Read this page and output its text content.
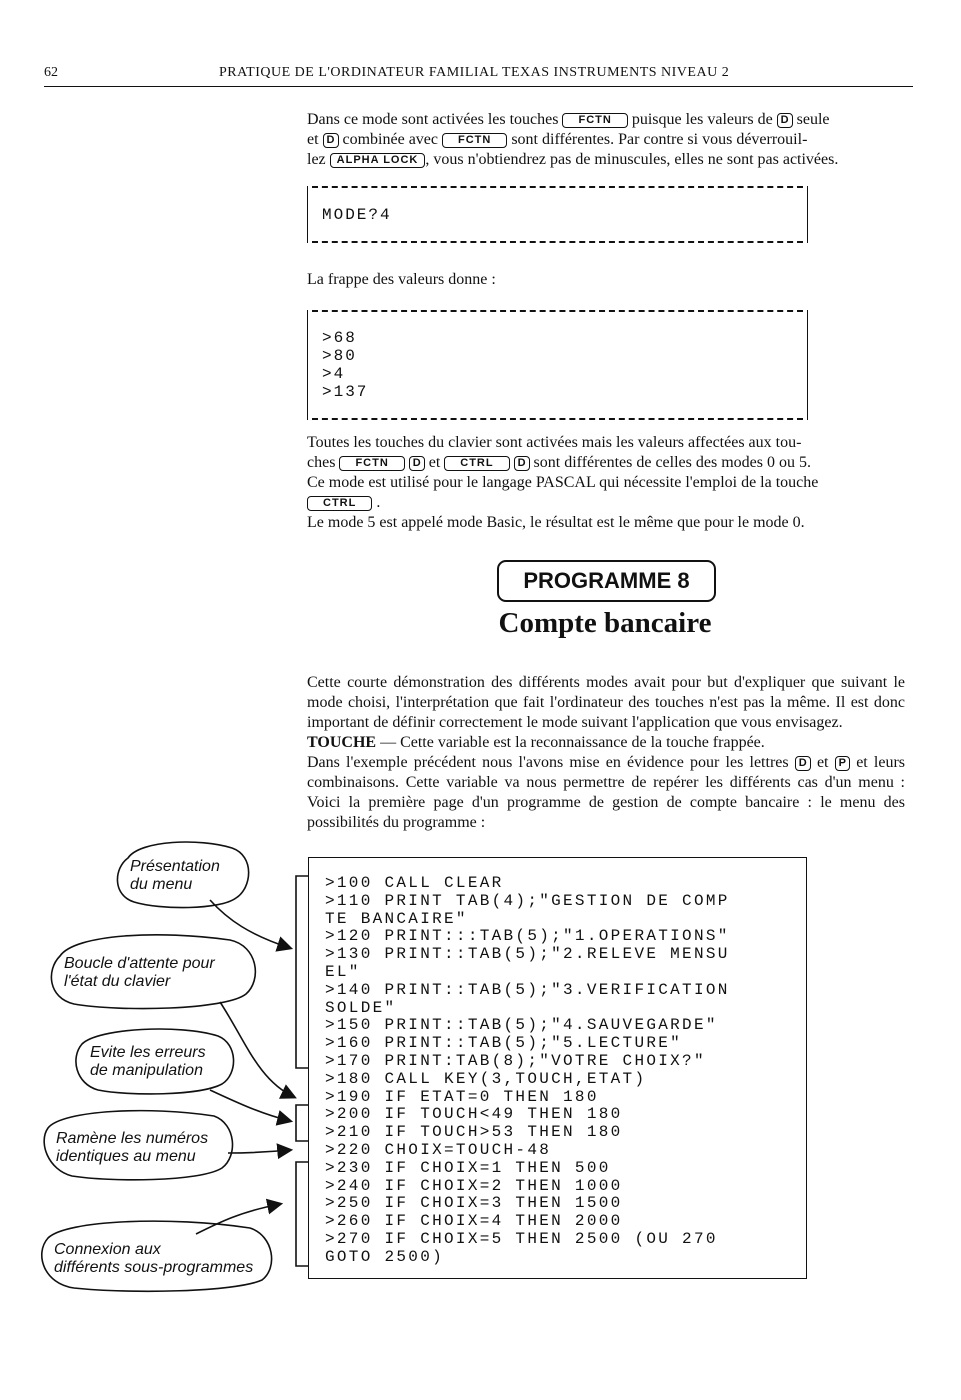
62	PRATIQUE DE L'ORDINATEUR FAMILIAL TEXAS INSTRUMENTS NIVEAU 2

Dans ce mode sont activées les touches FCTN puisque les valeurs de D seule
et D combinée avec FCTN sont différentes. Par contre si vous déverrouil-
lez ALPHA LOCK , vous n'obtiendrez pas de minuscules, elles ne sont pas activées.

MODE?4

La frappe des valeurs donne :

>68
>80
>4
>137

Toutes les touches du clavier sont activées mais les valeurs affectées aux tou-
ches FCTN D et CTRL D sont différentes de celles des modes 0 ou 5.
Ce mode est utilisé pour le langage PASCAL qui nécessite l'emploi de la touche
CTRL .
Le mode 5 est appelé mode Basic, le résultat est le même que pour le mode 0.

PROGRAMME 8
Compte bancaire

Cette courte démonstration des différents modes avait pour but d'expliquer que suivant le mode choisi, l'interprétation que fait l'ordinateur des touches n'est pas la même. Il est donc important de définir correctement le mode suivant l'application que vous envisagez.
TOUCHE — Cette variable est la reconnaissance de la touche frappée.
Dans l'exemple précédent nous l'avons mise en évidence pour les lettres D et P et leurs combinaisons. Cette variable va nous permettre de repérer les différents cas d'un menu : Voici la première page d'un programme de gestion de compte bancaire : le menu des possibilités du programme :

>100 CALL CLEAR
>110 PRINT TAB(4);"GESTION DE COMP
TE BANCAIRE"
>120 PRINT:::TAB(5);"1.OPERATIONS"
>130 PRINT::TAB(5);"2.RELEVE MENSU
EL"
>140 PRINT::TAB(5);"3.VERIFICATION
SOLDE"
>150 PRINT::TAB(5);"4.SAUVEGARDE"
>160 PRINT::TAB(5);"5.LECTURE"
>170 PRINT:TAB(8);"VOTRE CHOIX?"
>180 CALL KEY(3,TOUCH,ETAT)
>190 IF ETAT=0 THEN 180
>200 IF TOUCH<49 THEN 180
>210 IF TOUCH>53 THEN 180
>220 CHOIX=TOUCH-48
>230 IF CHOIX=1 THEN 500
>240 IF CHOIX=2 THEN 1000
>250 IF CHOIX=3 THEN 1500
>260 IF CHOIX=4 THEN 2000
>270 IF CHOIX=5 THEN 2500 (OU 270
GOTO 2500)
Présentation
du menu
Boucle d'attente pour
l'état du clavier
Evite les erreurs
de manipulation
Ramène les numéros
identiques au menu
Connexion aux
différents sous-programmes
